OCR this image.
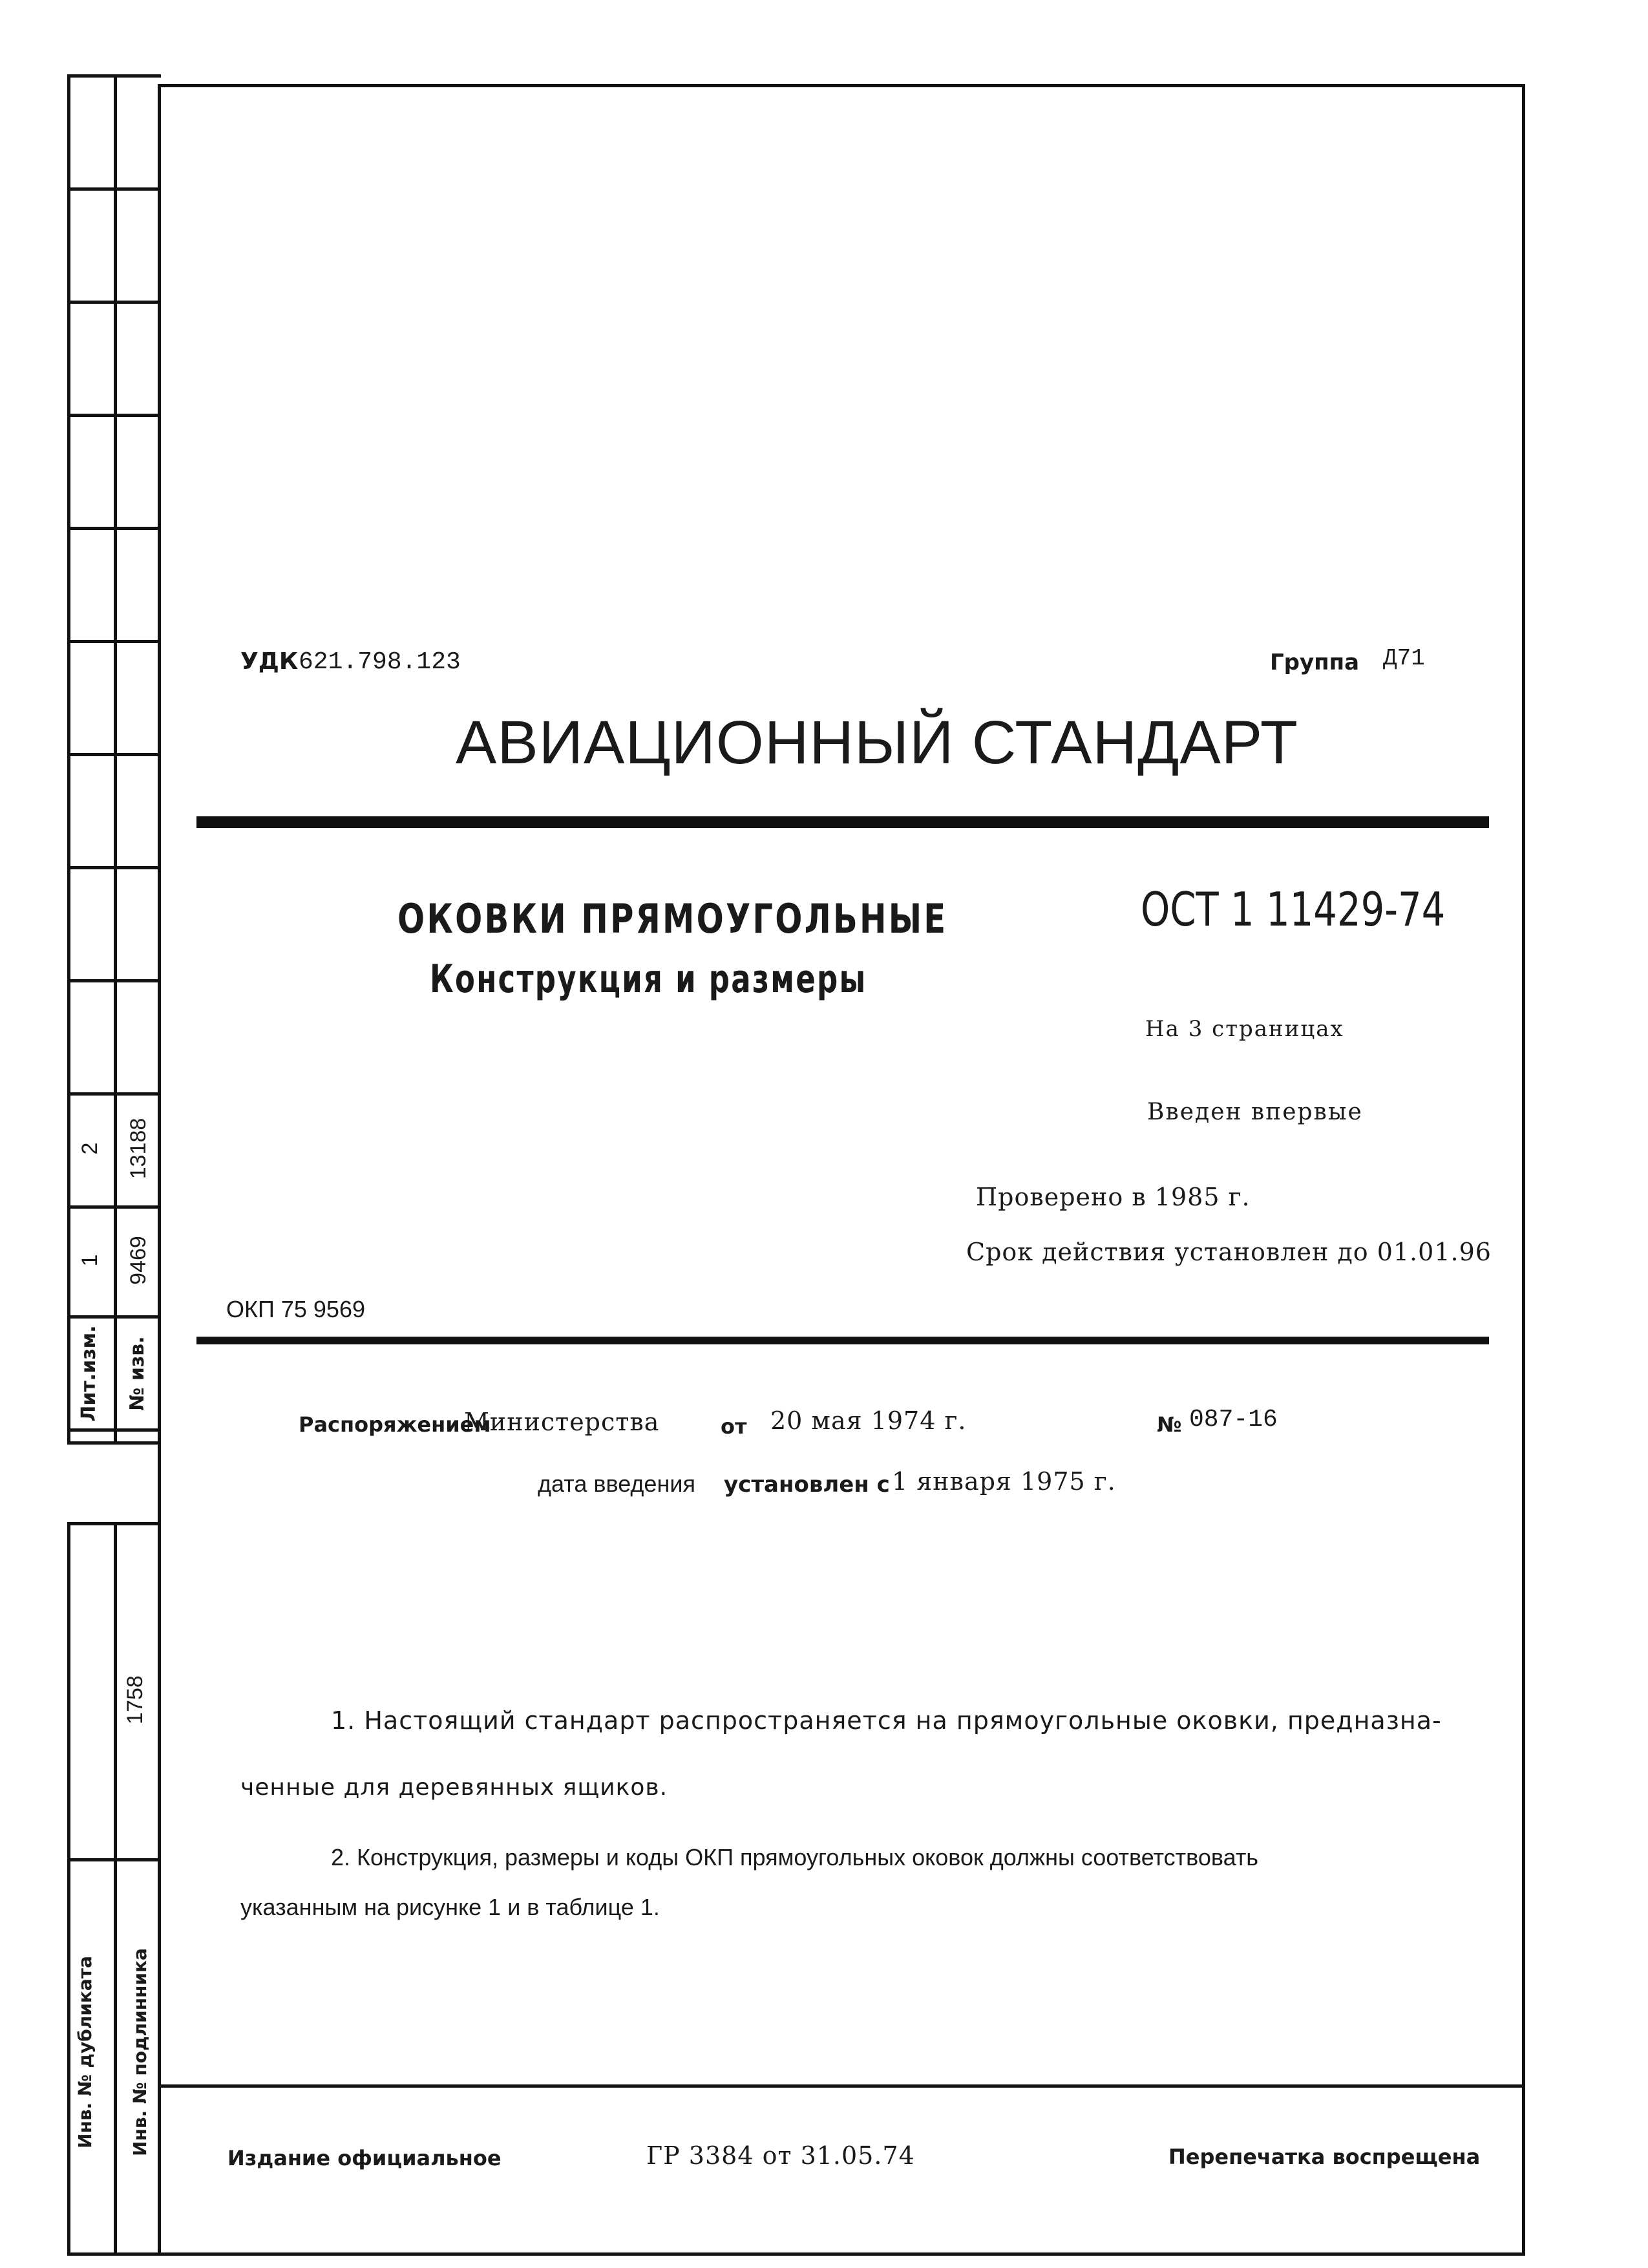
2 13188
1 9469
Лит.изм. № изв.
1758
Инв. № дубликата Инв. № подлинника
УДК 621.798.123	Группа Д71
АВИАЦИОННЫЙ СТАНДАРТ
ОКОВКИ ПРЯМОУГОЛЬНЫЕ
Конструкция и размеры
ОСТ 1 11429-74
На 3 страницах
Введен впервые
Проверено в 1985 г.
Срок действия установлен до 01.01.96
ОКП 75 9569
Распоряжением
Министерства	от 20 мая 1974 г.	№ 087-16
дата введения установлен с 1 января 1975 г.
1. Настоящий стандарт распространяется на прямоугольные оковки, предназна-
ченные для деревянных ящиков.
2. Конструкция, размеры и коды ОКП прямоугольных оковок должны соответствовать
указанным на рисунке 1 и в таблице 1.
Издание официальное	ГР 3384 от 31.05.74	Перепечатка воспрещена
